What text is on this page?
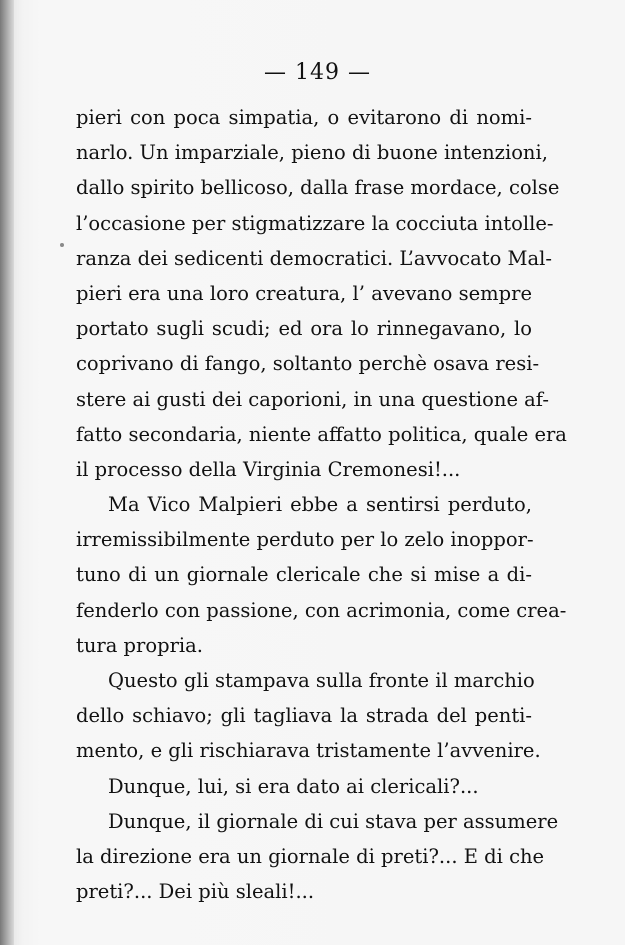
— 149 —
pieri con poca simpatia, o evitarono di nomi-
narlo. Un imparziale, pieno di buone intenzioni,
dallo spirito bellicoso, dalla frase mordace, colse
l’occasione per stigmatizzare la cocciuta intolle-
ranza dei sedicenti democratici. L’avvocato Mal-
pieri era una loro creatura, l’ avevano sempre
portato sugli scudi; ed ora lo rinnegavano, lo
coprivano di fango, soltanto perchè osava resi-
stere ai gusti dei caporioni, in una questione af-
fatto secondaria, niente affatto politica, quale era
il processo della Virginia Cremonesi!...
Ma Vico Malpieri ebbe a sentirsi perduto,
irremissibilmente perduto per lo zelo inoppor-
tuno di un giornale clericale che si mise a di-
fenderlo con passione, con acrimonia, come crea-
tura propria.
Questo gli stampava sulla fronte il marchio
dello schiavo; gli tagliava la strada del penti-
mento, e gli rischiarava tristamente l’avvenire.
Dunque, lui, si era dato ai clericali?...
Dunque, il giornale di cui stava per assumere
la direzione era un giornale di preti?... E di che
preti?... Dei più sleali!...
